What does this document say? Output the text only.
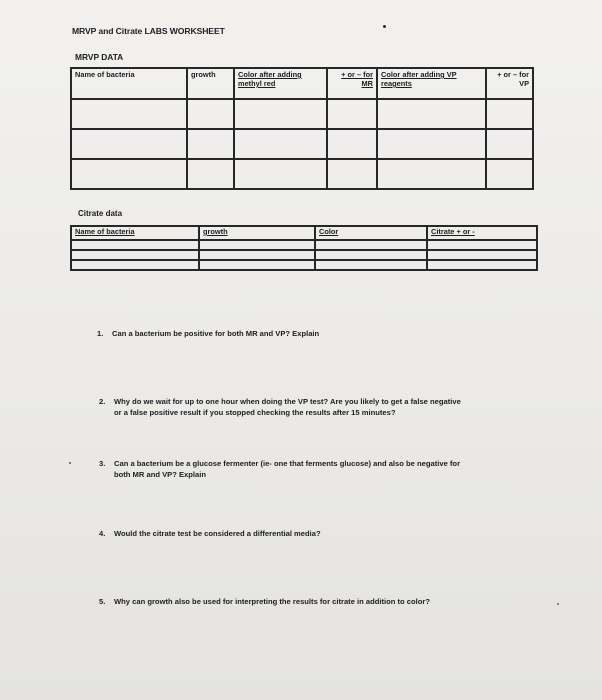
MRVP and Citrate LABS WORKSHEET
MRVP DATA
Name of bacteria	growth	Color after adding methyl red	+ or – for MR	Color after adding VP reagents	+ or – for VP

Citrate data
Name of bacteria	growth	Color	Citrate + or -

1. Can a bacterium be positive for both MR and VP? Explain
2. Why do we wait for up to one hour when doing the VP test? Are you likely to get a false negative
or a false positive result if you stopped checking the results after 15 minutes?
3. Can a bacterium be a glucose fermenter (ie- one that ferments glucose) and also be negative for
both MR and VP? Explain
4. Would the citrate test be considered a differential media?
5. Why can growth also be used for interpreting the results for citrate in addition to color?
